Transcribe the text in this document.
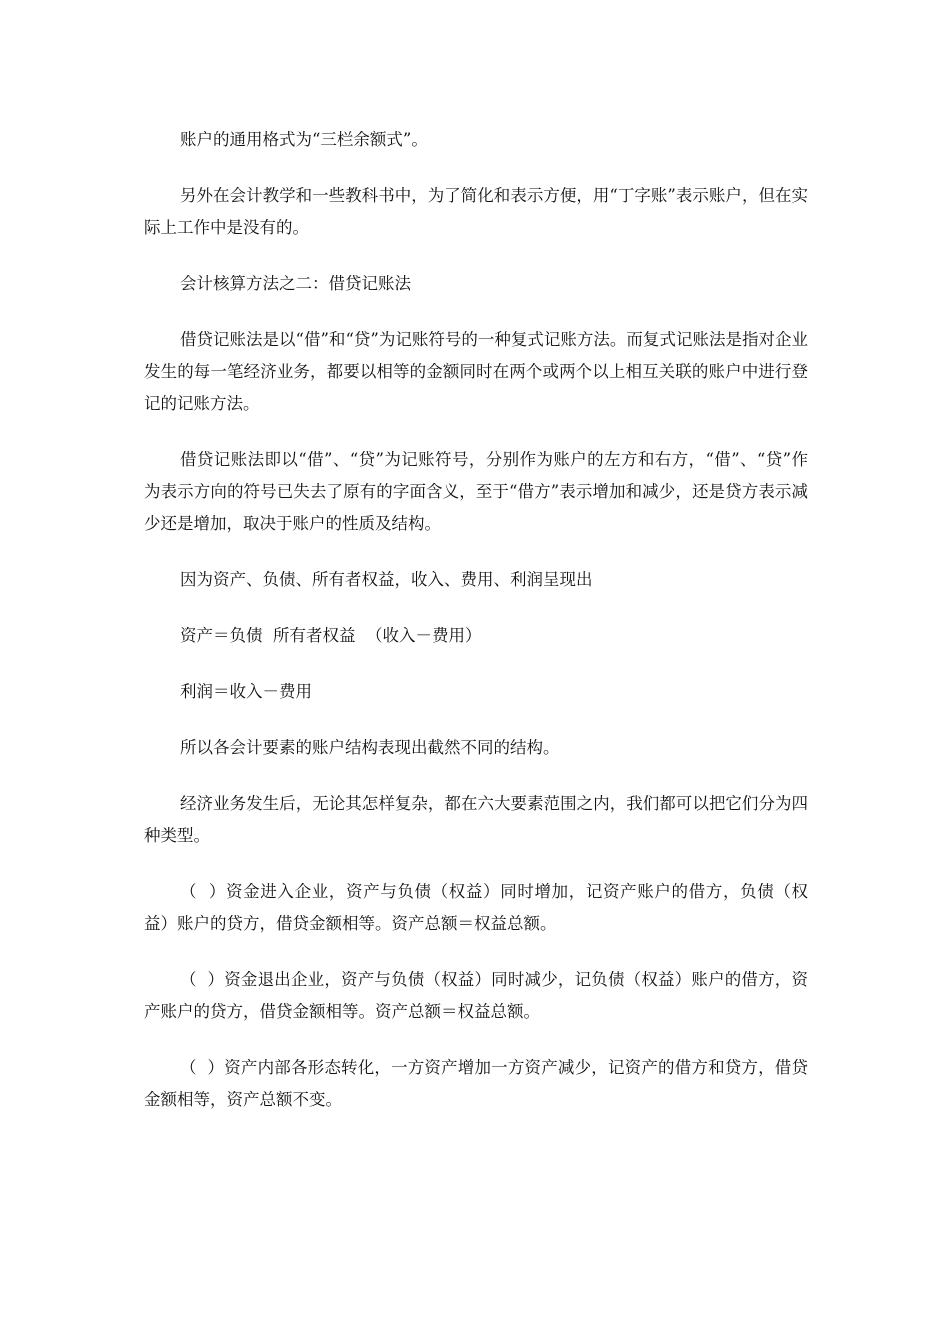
账户的通用格式为“三栏余额式”。

另外在会计教学和一些教科书中，为了简化和表示方便，用“丁字账”表示账户，但在实际上工作中是没有的。

会计核算方法之二：借贷记账法

借贷记账法是以“借”和“贷”为记账符号的一种复式记账方法。而复式记账法是指对企业发生的每一笔经济业务，都要以相等的金额同时在两个或两个以上相互关联的账户中进行登记的记账方法。

借贷记账法即以“借”、“贷”为记账符号，分别作为账户的左方和右方，“借”、“贷”作为表示方向的符号已失去了原有的字面含义，至于“借方”表示增加和减少，还是贷方表示减少还是增加，取决于账户的性质及结构。

因为资产、负债、所有者权益，收入、费用、利润呈现出

资产＝负债  所有者权益  （收入－费用）

利润＝收入－费用

所以各会计要素的账户结构表现出截然不同的结构。

经济业务发生后，无论其怎样复杂，都在六大要素范围之内，我们都可以把它们分为四种类型。

（  ）资金进入企业，资产与负债（权益）同时增加，记资产账户的借方，负债（权益）账户的贷方，借贷金额相等。资产总额＝权益总额。

（  ）资金退出企业，资产与负债（权益）同时减少，记负债（权益）账户的借方，资产账户的贷方，借贷金额相等。资产总额＝权益总额。

（  ）资产内部各形态转化，一方资产增加一方资产减少，记资产的借方和贷方，借贷金额相等，资产总额不变。
